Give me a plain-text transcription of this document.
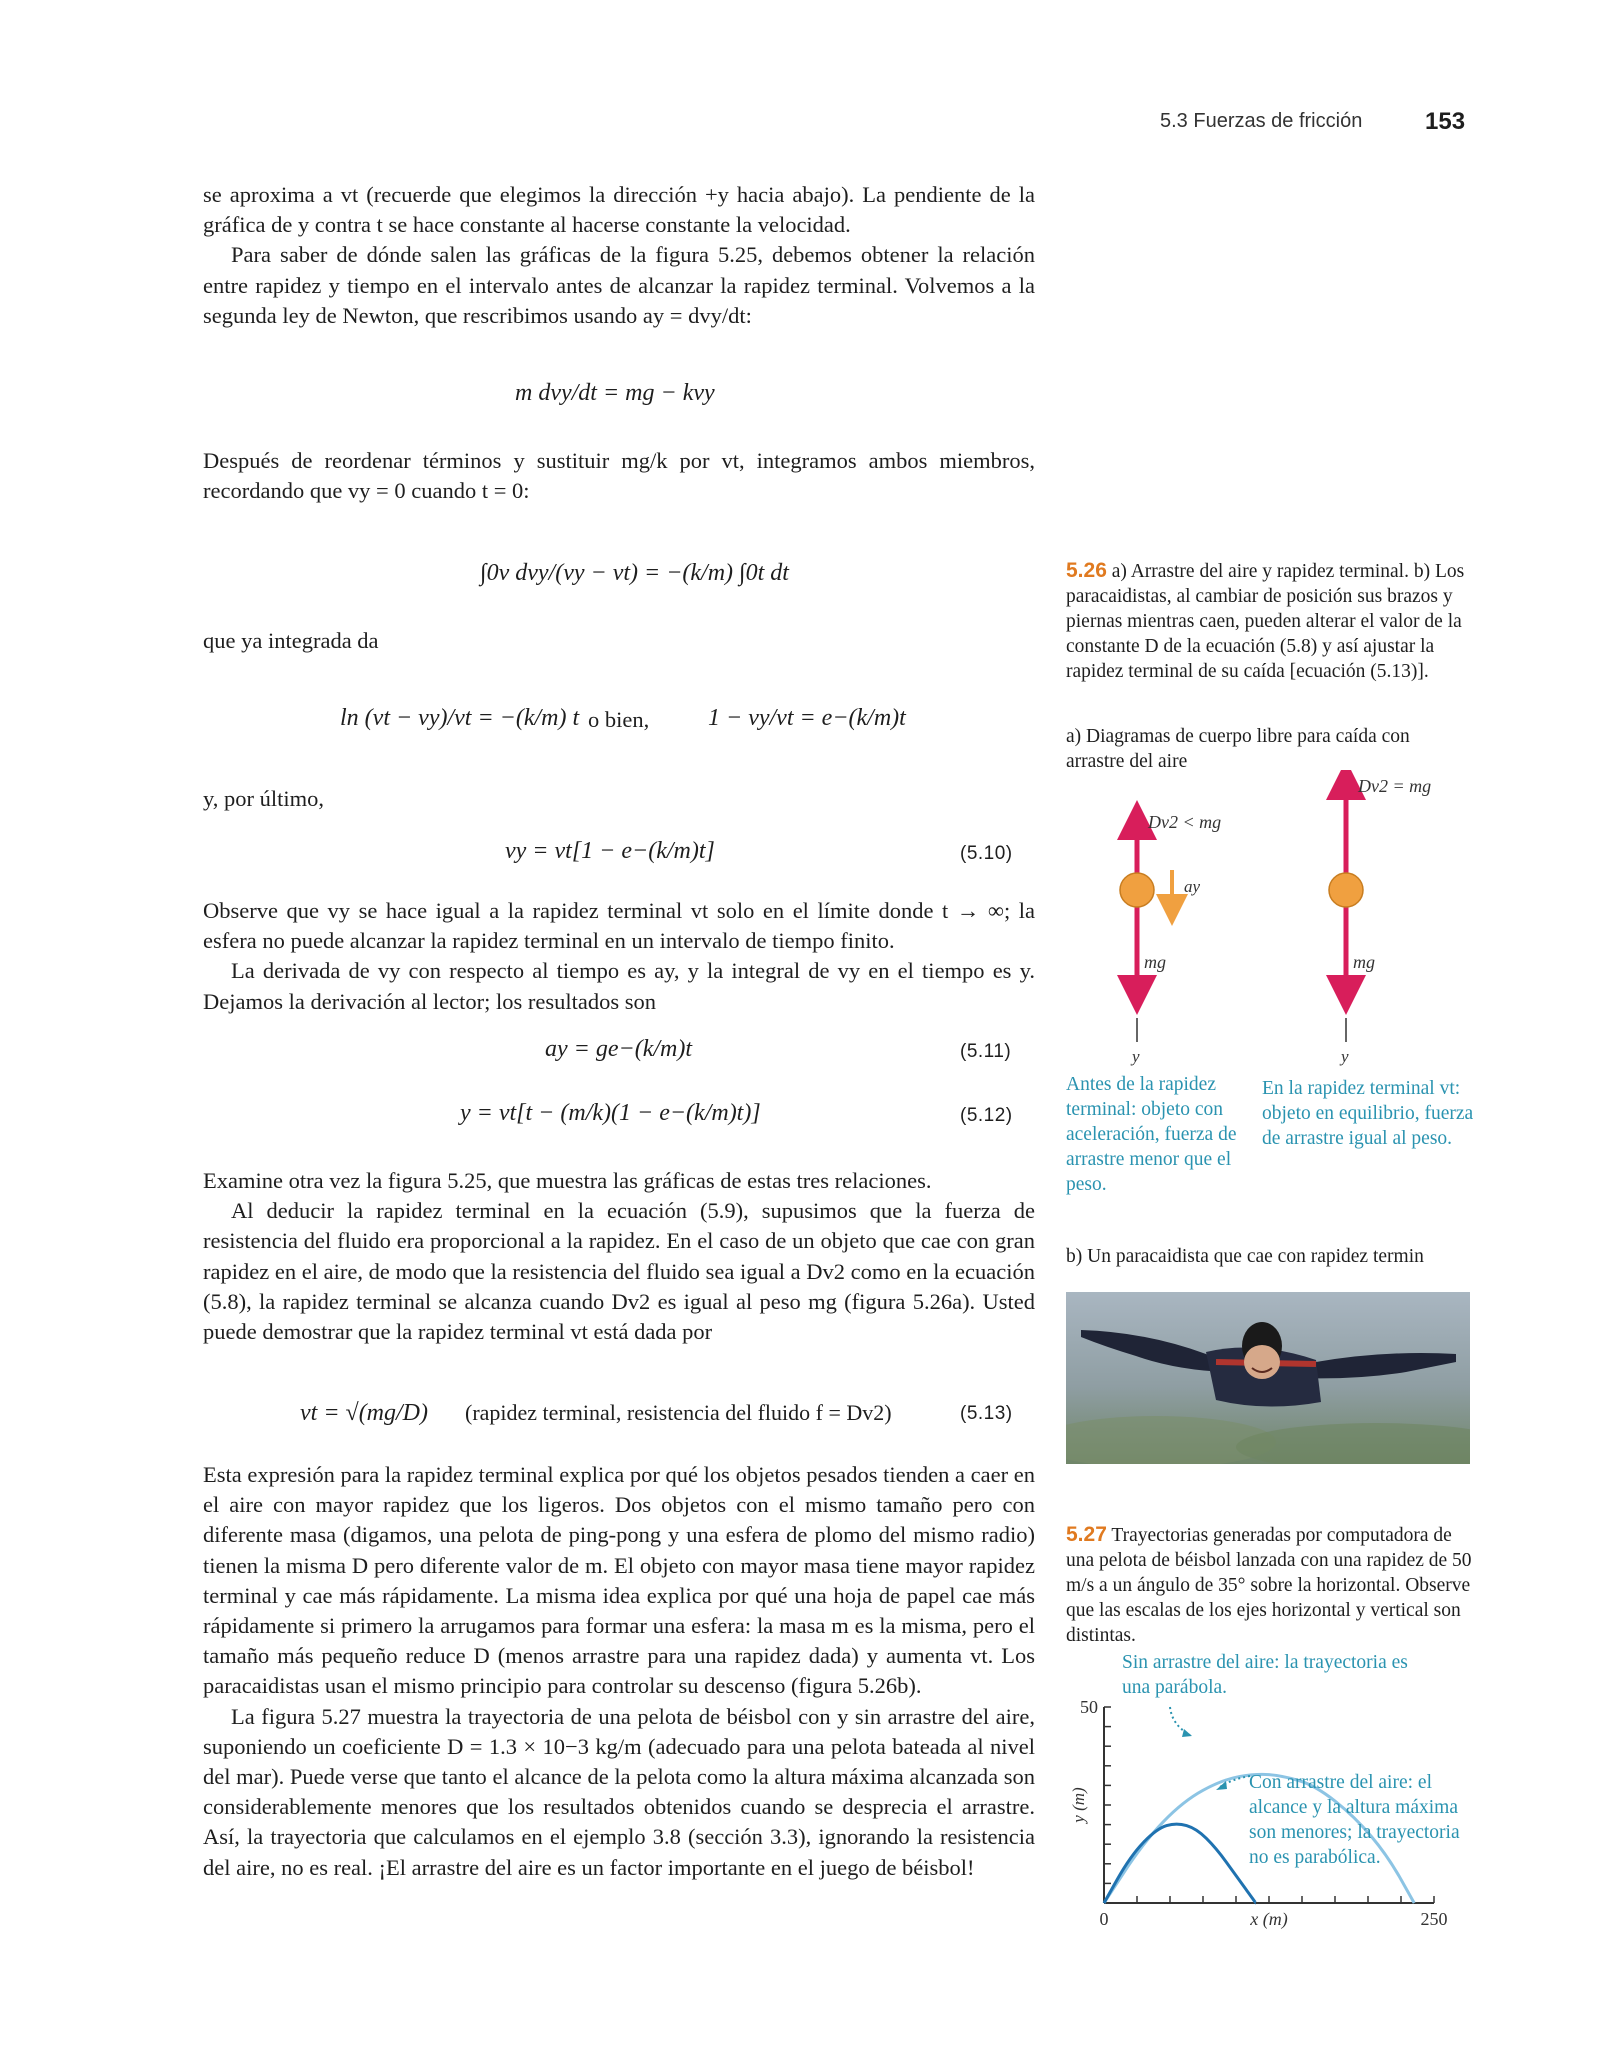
5.3 Fuerzas de fricción	153

se aproxima a vt (recuerde que elegimos la dirección +y hacia abajo). La pendiente de la gráfica de y contra t se hace constante al hacerse constante la velocidad.

Para saber de dónde salen las gráficas de la figura 5.25, debemos obtener la relación entre rapidez y tiempo en el intervalo antes de alcanzar la rapidez terminal. Volvemos a la segunda ley de Newton, que rescribimos usando ay = dvy/dt:

m dvy/dt = mg − kvy

Después de reordenar términos y sustituir mg/k por vt, integramos ambos miembros, recordando que vy = 0 cuando t = 0:

∫0v dvy/(vy − vt) = −(k/m) ∫0t dt
que ya integrada da
ln (vt − vy)/vt = −(k/m) t o bien, 1 − vy/vt = e−(k/m)t
y, por último,
vy = vt[1 − e−(k/m)t]	(5.10)

Observe que vy se hace igual a la rapidez terminal vt solo en el límite donde t → ∞; la esfera no puede alcanzar la rapidez terminal en un intervalo de tiempo finito.

La derivada de vy con respecto al tiempo es ay, y la integral de vy en el tiempo es y. Dejamos la derivación al lector; los resultados son

ay = ge−(k/m)t	(5.11)
y = vt[t − (m/k)(1 − e−(k/m)t)]	(5.12)

Examine otra vez la figura 5.25, que muestra las gráficas de estas tres relaciones.

Al deducir la rapidez terminal en la ecuación (5.9), supusimos que la fuerza de resistencia del fluido era proporcional a la rapidez. En el caso de un objeto que cae con gran rapidez en el aire, de modo que la resistencia del fluido sea igual a Dv2 como en la ecuación (5.8), la rapidez terminal se alcanza cuando Dv2 es igual al peso mg (figura 5.26a). Usted puede demostrar que la rapidez terminal vt está dada por

vt = √(mg/D)	(rapidez terminal, resistencia del fluido f = Dv2)	(5.13)

Esta expresión para la rapidez terminal explica por qué los objetos pesados tienden a caer en el aire con mayor rapidez que los ligeros. Dos objetos con el mismo tamaño pero con diferente masa (digamos, una pelota de ping-pong y una esfera de plomo del mismo radio) tienen la misma D pero diferente valor de m. El objeto con mayor masa tiene mayor rapidez terminal y cae más rápidamente. La misma idea explica por qué una hoja de papel cae más rápidamente si primero la arrugamos para formar una esfera: la masa m es la misma, pero el tamaño más pequeño reduce D (menos arrastre para una rapidez dada) y aumenta vt. Los paracaidistas usan el mismo principio para controlar su descenso (figura 5.26b).

La figura 5.27 muestra la trayectoria de una pelota de béisbol con y sin arrastre del aire, suponiendo un coeficiente D = 1.3 × 10−3 kg/m (adecuado para una pelota bateada al nivel del mar). Puede verse que tanto el alcance de la pelota como la altura máxima alcanzada son considerablemente menores que los resultados obtenidos cuando se desprecia el arrastre. Así, la trayectoria que calculamos en el ejemplo 3.8 (sección 3.3), ignorando la resistencia del aire, no es real. ¡El arrastre del aire es un factor importante en el juego de béisbol!

5.26 a) Arrastre del aire y rapidez terminal. b) Los paracaidistas, al cambiar de posición sus brazos y piernas mientras caen, pueden alterar el valor de la constante D de la ecuación (5.8) y así ajustar la rapidez terminal de su caída [ecuación (5.13)].
a) Diagramas de cuerpo libre para caída con arrastre del aire
Dv2 < mg
Dv2 = mg
ay
mg	mg
y	y
Antes de la rapidez terminal: objeto con aceleración, fuerza de arrastre menor que el peso.
En la rapidez terminal vt: objeto en equilibrio, fuerza de arrastre igual al peso.
b) Un paracaidista que cae con rapidez termin
5.27 Trayectorias generadas por computadora de una pelota de béisbol lanzada con una rapidez de 50 m/s a un ángulo de 35° sobre la horizontal. Observe que las escalas de los ejes horizontal y vertical son distintas.
50
0	250
x (m)
y (m)
Sin arrastre del aire: la trayectoria es una parábola.
Con arrastre del aire: el alcance y la altura máxima son menores; la trayectoria no es parabólica.
